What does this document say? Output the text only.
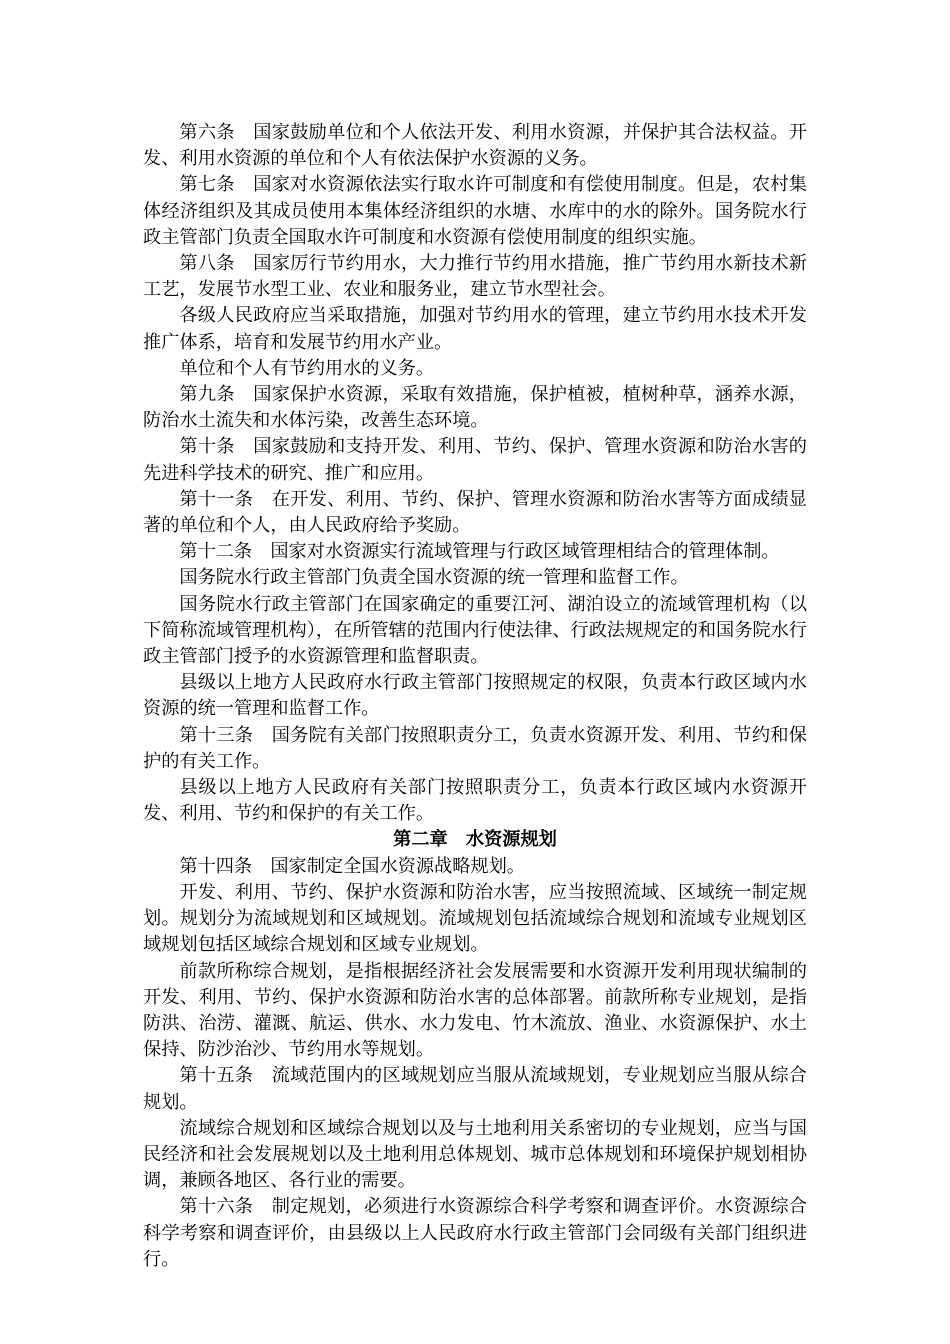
第六条　国家鼓励单位和个人依法开发、利用水资源，并保护其合法权益。开发、利用水资源的单位和个人有依法保护水资源的义务。

第七条　国家对水资源依法实行取水许可制度和有偿使用制度。但是，农村集体经济组织及其成员使用本集体经济组织的水塘、水库中的水的除外。国务院水行政主管部门负责全国取水许可制度和水资源有偿使用制度的组织实施。

第八条　国家厉行节约用水，大力推行节约用水措施，推广节约用水新技术新工艺，发展节水型工业、农业和服务业，建立节水型社会。

各级人民政府应当采取措施，加强对节约用水的管理，建立节约用水技术开发推广体系，培育和发展节约用水产业。

单位和个人有节约用水的义务。

第九条　国家保护水资源，采取有效措施，保护植被，植树种草，涵养水源，防治水土流失和水体污染，改善生态环境。

第十条　国家鼓励和支持开发、利用、节约、保护、管理水资源和防治水害的先进科学技术的研究、推广和应用。

第十一条　在开发、利用、节约、保护、管理水资源和防治水害等方面成绩显著的单位和个人，由人民政府给予奖励。

第十二条　国家对水资源实行流域管理与行政区域管理相结合的管理体制。

国务院水行政主管部门负责全国水资源的统一管理和监督工作。

国务院水行政主管部门在国家确定的重要江河、湖泊设立的流域管理机构（以下简称流域管理机构），在所管辖的范围内行使法律、行政法规规定的和国务院水行政主管部门授予的水资源管理和监督职责。

县级以上地方人民政府水行政主管部门按照规定的权限，负责本行政区域内水资源的统一管理和监督工作。

第十三条　国务院有关部门按照职责分工，负责水资源开发、利用、节约和保护的有关工作。

县级以上地方人民政府有关部门按照职责分工，负责本行政区域内水资源开发、利用、节约和保护的有关工作。

第二章　水资源规划

第十四条　国家制定全国水资源战略规划。

开发、利用、节约、保护水资源和防治水害，应当按照流域、区域统一制定规划。规划分为流域规划和区域规划。流域规划包括流域综合规划和流域专业规划区域规划包括区域综合规划和区域专业规划。

前款所称综合规划，是指根据经济社会发展需要和水资源开发利用现状编制的开发、利用、节约、保护水资源和防治水害的总体部署。前款所称专业规划，是指防洪、治涝、灌溉、航运、供水、水力发电、竹木流放、渔业、水资源保护、水土保持、防沙治沙、节约用水等规划。

第十五条　流域范围内的区域规划应当服从流域规划，专业规划应当服从综合规划。

流域综合规划和区域综合规划以及与土地利用关系密切的专业规划，应当与国民经济和社会发展规划以及土地利用总体规划、城市总体规划和环境保护规划相协调，兼顾各地区、各行业的需要。

第十六条　制定规划，必须进行水资源综合科学考察和调查评价。水资源综合科学考察和调查评价，由县级以上人民政府水行政主管部门会同级有关部门组织进行。
